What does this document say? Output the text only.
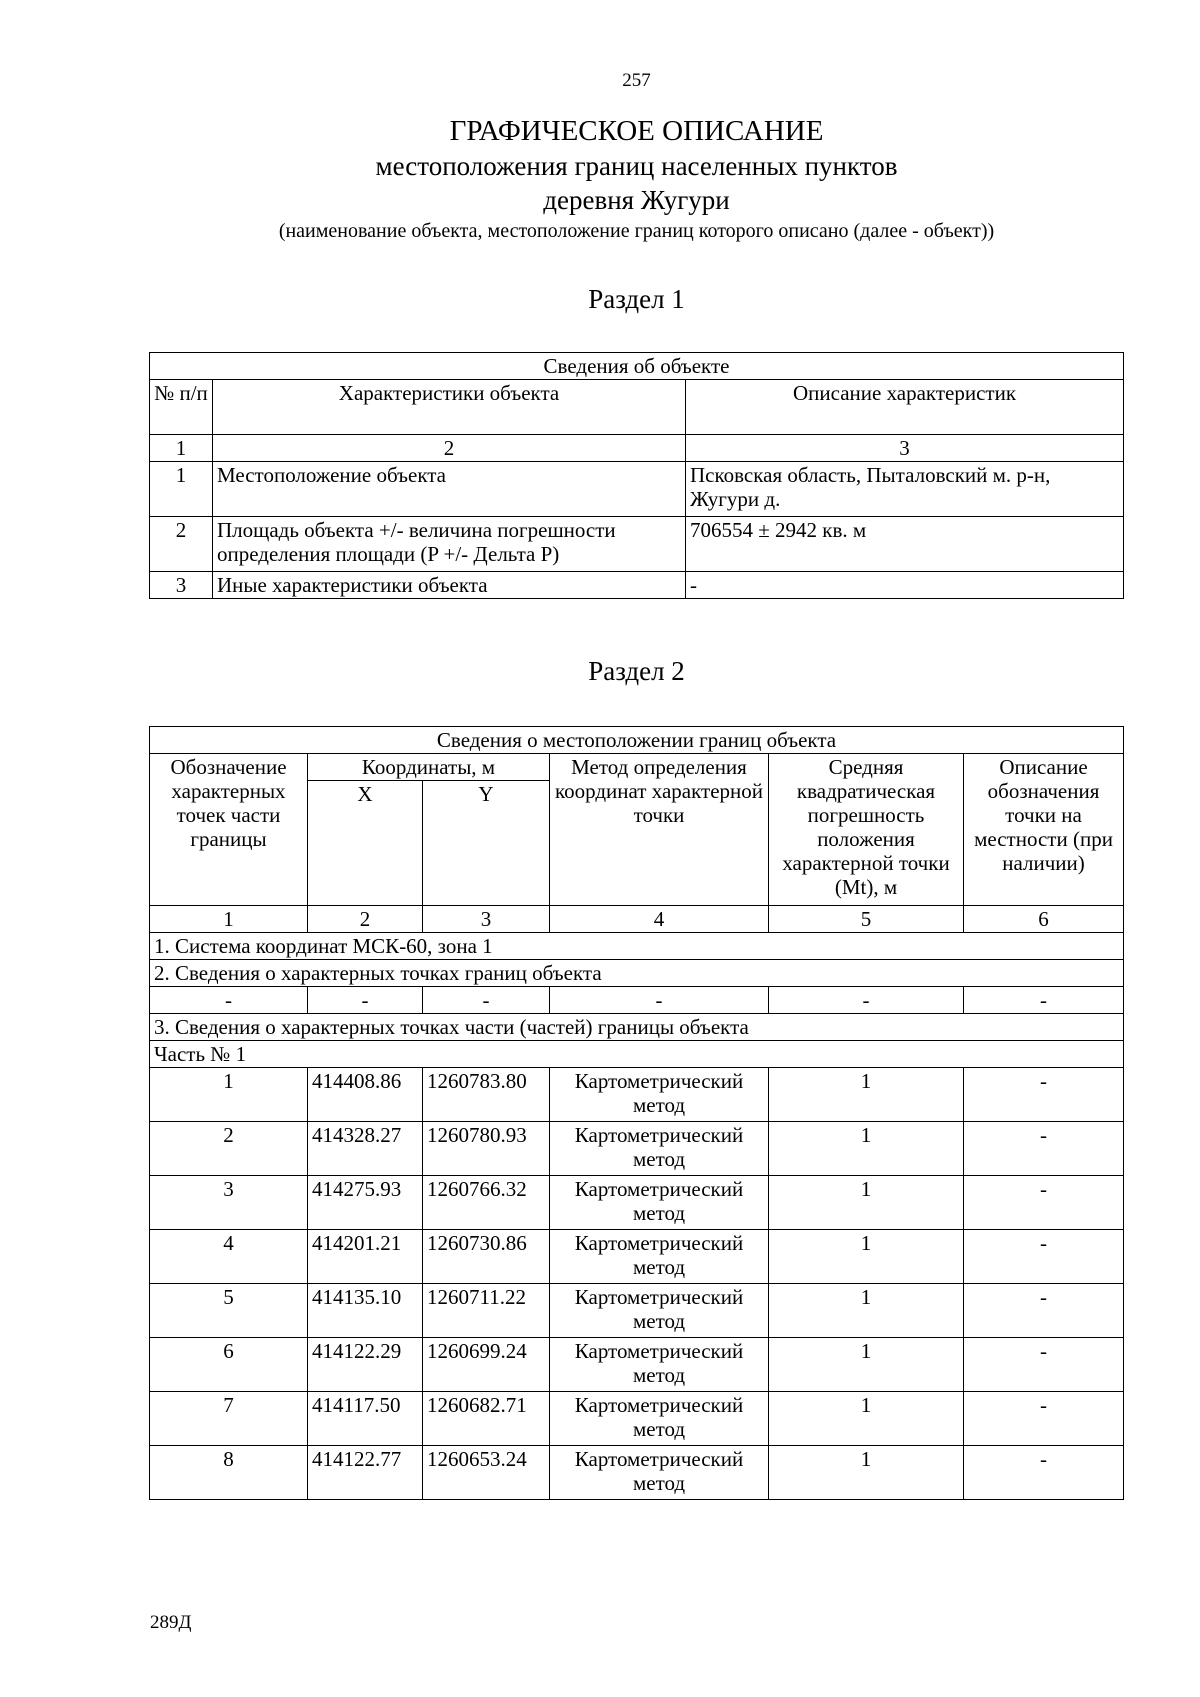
257

ГРАФИЧЕСКОЕ ОПИСАНИЕ

местоположения границ населенных пунктов

деревня Жугури

(наименование объекта, местоположение границ которого описано (далее - объект))

Раздел 1
Сведения об объекте		
№ п/п	Характеристики объекта	Описание характеристик
1	2	3
1	Местоположение объекта	Псковская область, Пыталовский м. р-н, Жугури д.
2	Площадь объекта +/- величина погрешности определения площади (P +/- Дельта P)	706554 ± 2942 кв. м
3	Иные характеристики объекта	-
Раздел 2
Сведения о местоположении границ объекта					
Обозначение характерных точек части границы	Координаты, м		Метод определения координат характерной точки	Средняя квадратическая погрешность положения характерной точки (Mt), м	Описание обозначения точки на местности (при наличии)
	X	Y			
1	2	3	4	5	6
1. Система координат МСК-60, зона 1					
2. Сведения о характерных точках границ объекта					
-	-	-	-	-	-
3. Сведения о характерных точках части (частей) границы объекта					
Часть № 1					
1	414408.86	1260783.80	Картометрический метод	1	-
2	414328.27	1260780.93	Картометрический метод	1	-
3	414275.93	1260766.32	Картометрический метод	1	-
4	414201.21	1260730.86	Картометрический метод	1	-
5	414135.10	1260711.22	Картометрический метод	1	-
6	414122.29	1260699.24	Картометрический метод	1	-
7	414117.50	1260682.71	Картометрический метод	1	-
8	414122.77	1260653.24	Картометрический метод	1	-
289Д
